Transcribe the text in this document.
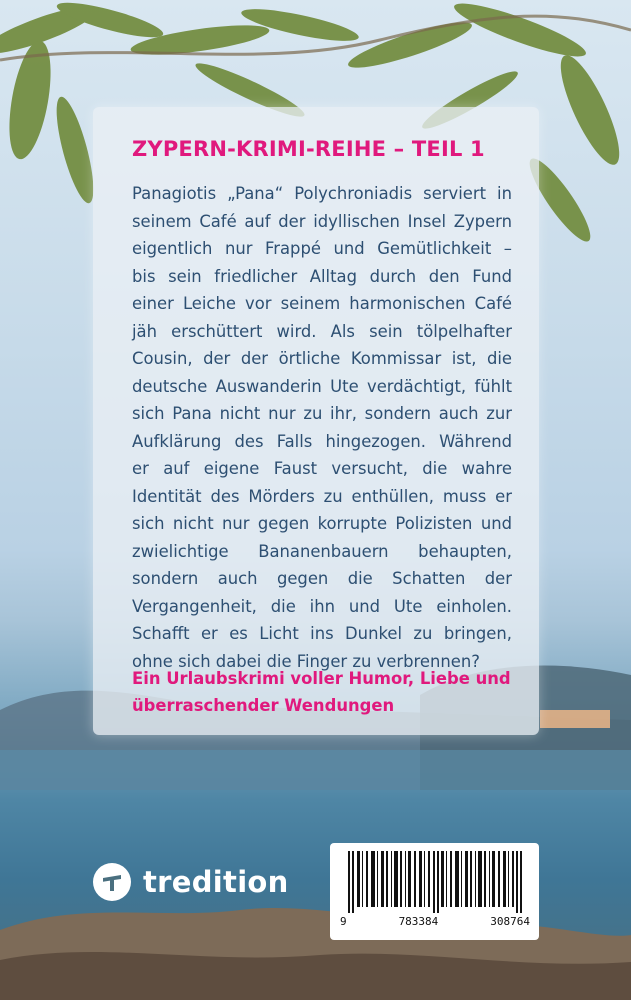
ZYPERN-KRIMI-REIHE – TEIL 1
Panagiotis „Pana“ Polychroniadis serviert in
seinem Café auf der idyllischen Insel Zypern
eigentlich nur Frappé und Gemütlichkeit –
bis sein friedlicher Alltag durch den Fund
einer Leiche vor seinem harmonischen Café
jäh erschüttert wird. Als sein tölpelhafter
Cousin, der der örtliche Kommissar ist, die
deutsche Auswanderin Ute verdächtigt, fühlt
sich Pana nicht nur zu ihr, sondern auch zur
Aufklärung des Falls hingezogen. Während
er auf eigene Faust versucht, die wahre
Identität des Mörders zu enthüllen, muss er
sich nicht nur gegen korrupte Polizisten und
zwielichtige Bananenbauern behaupten,
sondern auch gegen die Schatten der
Vergangenheit, die ihn und Ute einholen.
Schafft er es Licht ins Dunkel zu bringen,
ohne sich dabei die Finger zu verbrennen?
Ein Urlaubskrimi voller Humor, Liebe und
überraschender Wendungen
tredition
9	783384	308764
